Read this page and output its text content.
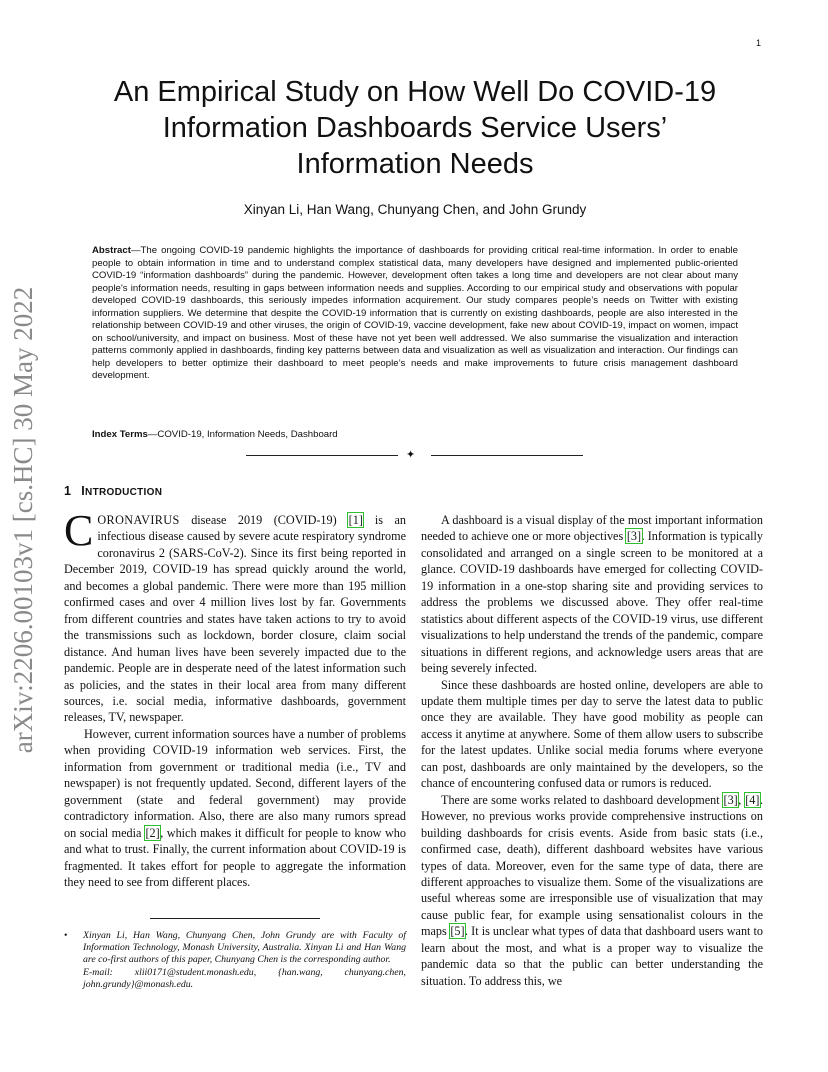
1
arXiv:2206.00103v1 [cs.HC] 30 May 2022
An Empirical Study on How Well Do COVID-19
Information Dashboards Service Users’
Information Needs
Xinyan Li, Han Wang, Chunyang Chen, and John Grundy
Abstract—The ongoing COVID-19 pandemic highlights the importance of dashboards for providing critical real-time information. In order to enable people to obtain information in time and to understand complex statistical data, many developers have designed and implemented public-oriented COVID-19 “information dashboards” during the pandemic. However, development often takes a long time and developers are not clear about many people’s information needs, resulting in gaps between information needs and supplies. According to our empirical study and observations with popular developed COVID-19 dashboards, this seriously impedes information acquirement. Our study compares people’s needs on Twitter with existing information suppliers. We determine that despite the COVID-19 information that is currently on existing dashboards, people are also interested in the relationship between COVID-19 and other viruses, the origin of COVID-19, vaccine development, fake new about COVID-19, impact on women, impact on school/university, and impact on business. Most of these have not yet been well addressed. We also summarise the visualization and interaction patterns commonly applied in dashboards, finding key patterns between data and visualization as well as visualization and interaction. Our findings can help developers to better optimize their dashboard to meet people’s needs and make improvements to future crisis management dashboard development.
Index Terms—COVID-19, Information Needs, Dashboard
✦
1 INTRODUCTION

CORONAVIRUS disease 2019 (COVID-19) [1] is an infectious disease caused by severe acute respiratory syndrome coronavirus 2 (SARS-CoV-2). Since its first being reported in December 2019, COVID-19 has spread quickly around the world, and becomes a global pandemic. There were more than 195 million confirmed cases and over 4 million lives lost by far. Governments from different countries and states have taken actions to try to avoid the transmissions such as lockdown, border closure, claim social distance. And human lives have been severely impacted due to the pandemic. People are in desperate need of the latest information such as policies, and the states in their local area from many different sources, i.e. social media, informative dashboards, government releases, TV, newspaper.

However, current information sources have a number of problems when providing COVID-19 information web services. First, the information from government or traditional media (i.e., TV and newspaper) is not frequently updated. Second, different layers of the government (state and federal government) may provide contradictory information. Also, there are also many rumors spread on social media [2], which makes it difficult for people to know who and what to trust. Finally, the current information about COVID-19 is fragmented. It takes effort for people to aggregate the information they need to see from different places.

• Xinyan Li, Han Wang, Chunyang Chen, John Grundy are with Faculty of Information Technology, Monash University, Australia. Xinyan Li and Han Wang are co-first authors of this paper, Chunyang Chen is the corresponding author.
E-mail: xlii0171@student.monash.edu, {han.wang, chunyang.chen, john.grundy}@monash.edu.

A dashboard is a visual display of the most important information needed to achieve one or more objectives [3]. Information is typically consolidated and arranged on a single screen to be monitored at a glance. COVID-19 dashboards have emerged for collecting COVID-19 information in a one-stop sharing site and providing services to address the problems we discussed above. They offer real-time statistics about different aspects of the COVID-19 virus, use different visualizations to help understand the trends of the pandemic, compare situations in different regions, and acknowledge users areas that are being severely infected.

Since these dashboards are hosted online, developers are able to update them multiple times per day to serve the latest data to public once they are available. They have good mobility as people can access it anytime at anywhere. Some of them allow users to subscribe for the latest updates. Unlike social media forums where everyone can post, dashboards are only maintained by the developers, so the chance of encountering confused data or rumors is reduced.

There are some works related to dashboard development [3], [4]. However, no previous works provide comprehensive instructions on building dashboards for crisis events. Aside from basic stats (i.e., confirmed case, death), different dashboard websites have various types of data. Moreover, even for the same type of data, there are different approaches to visualize them. Some of the visualizations are useful whereas some are irresponsible use of visualization that may cause public fear, for example using sensationalist colours in the maps [5]. It is unclear what types of data that dashboard users want to learn about the most, and what is a proper way to visualize the pandemic data so that the public can better understanding the situation. To address this, we
